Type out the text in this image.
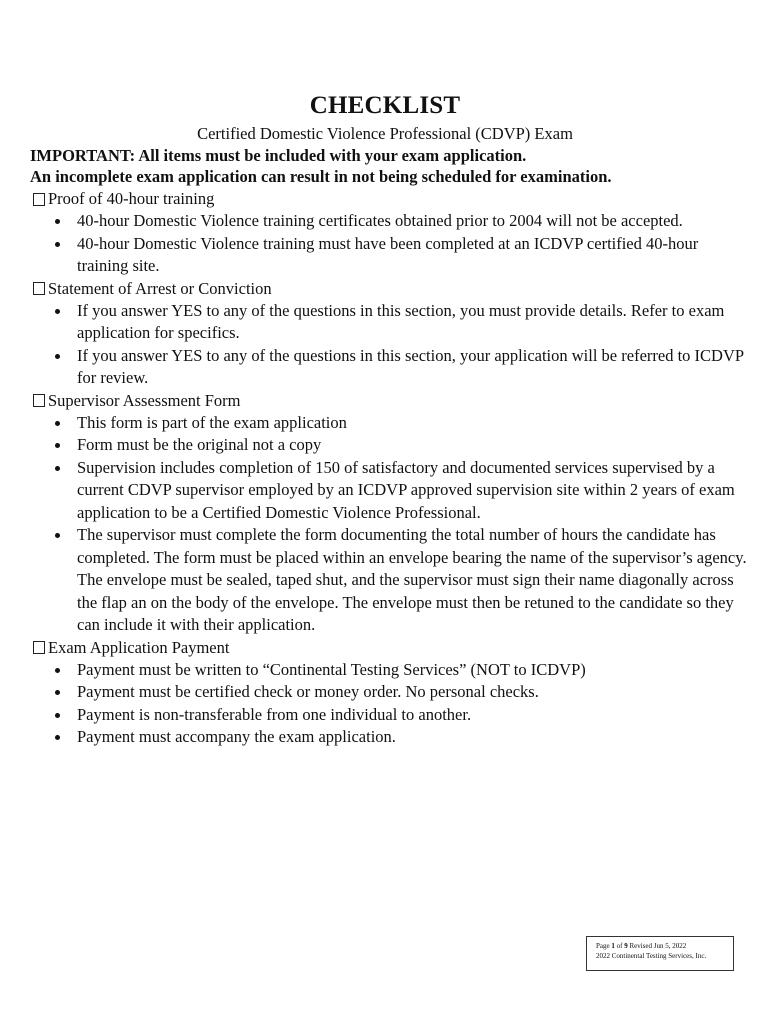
CHECKLIST
Certified Domestic Violence Professional (CDVP) Exam
IMPORTANT: All items must be included with your exam application.
An incomplete exam application can result in not being scheduled for examination.
Proof of 40-hour training
40-hour Domestic Violence training certificates obtained prior to 2004 will not be accepted.
40-hour Domestic Violence training must have been completed at an ICDVP certified 40-hour training site.
Statement of Arrest or Conviction
If you answer YES to any of the questions in this section, you must provide details. Refer to exam application for specifics.
If you answer YES to any of the questions in this section, your application will be referred to ICDVP for review.
Supervisor Assessment Form
This form is part of the exam application
Form must be the original not a copy
Supervision includes completion of 150 of satisfactory and documented services supervised by a current CDVP supervisor employed by an ICDVP approved supervision site within 2 years of exam application to be a Certified Domestic Violence Professional.
The supervisor must complete the form documenting the total number of hours the candidate has completed. The form must be placed within an envelope bearing the name of the supervisor’s agency. The envelope must be sealed, taped shut, and the supervisor must sign their name diagonally across the flap an on the body of the envelope. The envelope must then be retuned to the candidate so they can include it with their application.
Exam Application Payment
Payment must be written to “Continental Testing Services” (NOT to ICDVP)
Payment must be certified check or money order. No personal checks.
Payment is non-transferable from one individual to another.
Payment must accompany the exam application.
Page 1 of 9 Revised Jun 5, 2022
2022 Continental Testing Services, Inc.
